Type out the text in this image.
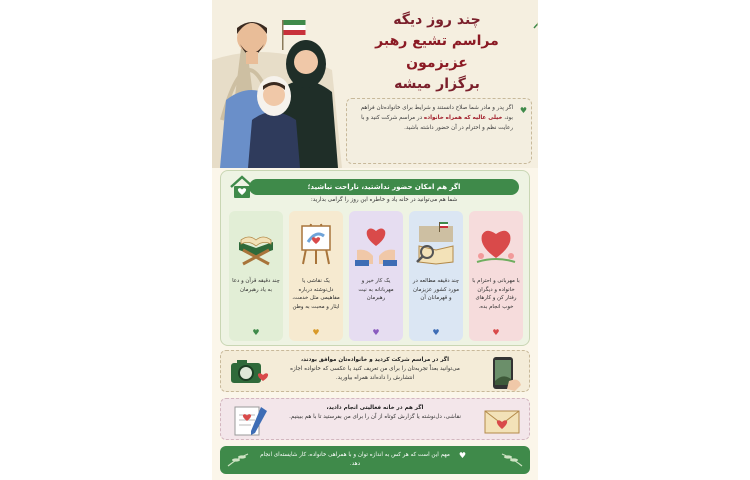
چند روز دیگه
مراسم تشیع رهبر عزیزمون
برگزار میشه
♥
اگر پدر و مادر شما صلاح دانستند و شرایط برای خانواده‌تان فراهم بود، خیلی عالیه که همراه خانواده در مراسم شرکت کنید و با رعایت نظم و احترام در آن حضور داشته باشید.
اگر هم امکان حضور نداشتید، ناراحت نباشید؛
شما هم می‌توانید در خانه یاد و خاطره این روز را گرامی بدارید:
با مهربانی و احترام با خانواده و دیگران رفتار کن و کارهای خوب انجام بده.
♥
چند دقیقه مطالعه در مورد کشور عزیزمان و قهرمانان آن
♥
یک کار خیر و مهربانانه به نیت رهبرمان
♥
یک نقاشی یا دل‌نوشته درباره مفاهیمی مثل خدمت، ایثار و محبت به وطن
♥
چند دقیقه قرآن و دعا به یاد رهبرمان
♥
اگر در مراسم شرکت کردید و خانواده‌تان موافق بودند،
می‌توانید بعداً تجربه‌تان را برای من تعریف کنید یا عکسی که خانواده اجازه انتشارش را داده‌اند همراه بیاورید.
اگر هم در خانه فعالیتی انجام دادید،
نقاشی، دل‌نوشته یا گزارش کوتاه از آن را برای من بفرستید تا با هم ببینیم.
♥
مهم این است که هر کس به اندازه توان و با همراهی خانواده، کار شایسته‌ای انجام دهد.
